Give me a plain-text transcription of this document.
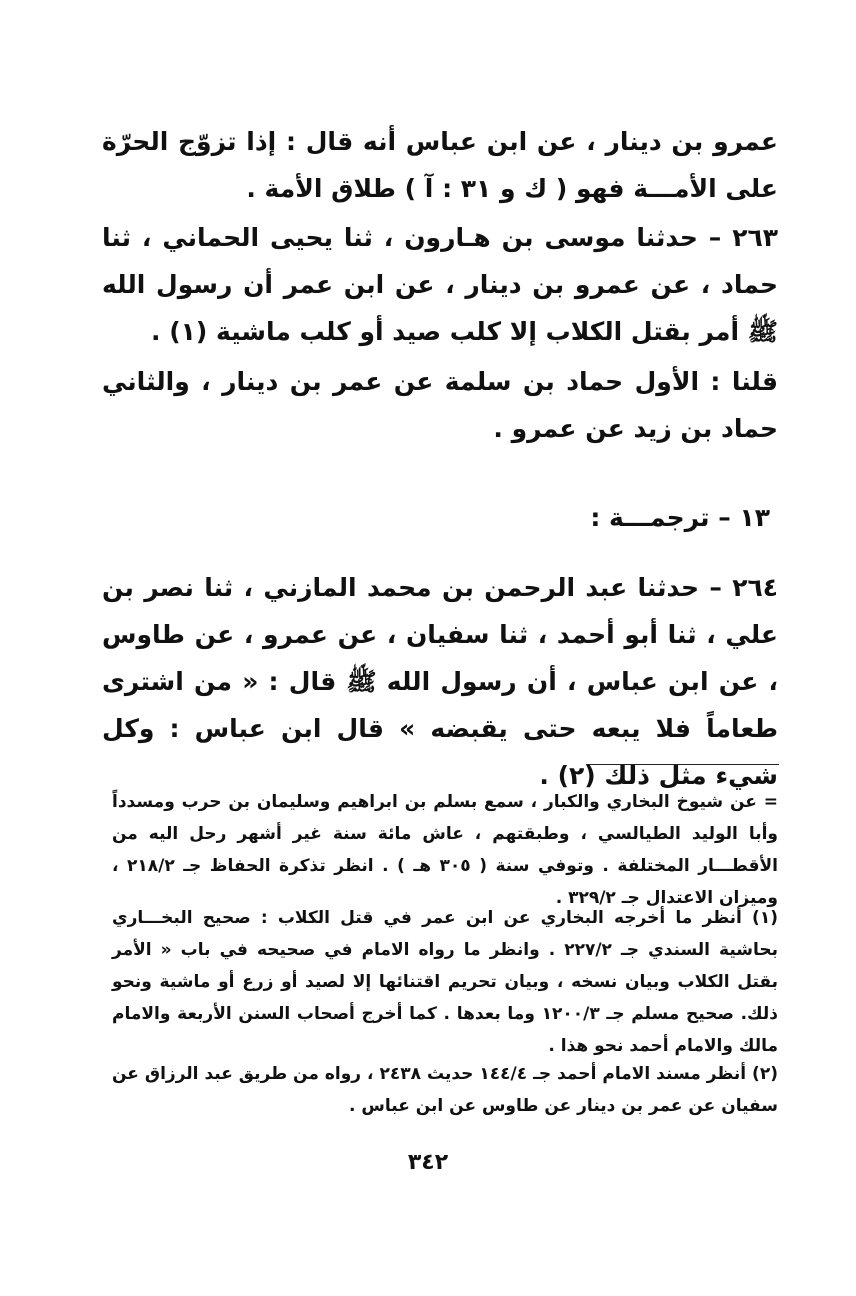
عمرو بن دينار ، عن ابن عباس أنه قال : إذا تزوّج الحرّة على الأمـــة فهو ( ك و ٣١ : آ ) طلاق الأمة .
٢٦٣ – حدثنا موسى بن هـارون ، ثنا يحيى الحماني ، ثنا حماد ، عن عمرو بن دينار ، عن ابن عمر أن رسول الله ﷺ أمر بقتل الكلاب إلا كلب صيد أو كلب ماشية (١) .
قلنا : الأول حماد بن سلمة عن عمر بن دينار ، والثاني حماد بن زيد عن عمرو .
١٣ – ترجمـــة :
٢٦٤ – حدثنا عبد الرحمن بن محمد المازني ، ثنا نصر بن علي ، ثنا أبو أحمد ، ثنا سفيان ، عن عمرو ، عن طاوس ، عن ابن عباس ، أن رسول الله ﷺ قال : « من اشترى طعاماً فلا يبعه حتى يقبضه » قال ابن عباس : وكل شيء مثل ذلك (٢) .
= عن شيوخ البخاري والكبار ، سمع بسلم بن ابراهيم وسليمان بن حرب ومسدداً وأبا الوليد الطيالسي ، وطبقتهم ، عاش مائة سنة غير أشهر رحل اليه من الأقطـــار المختلفة . وتوفي سنة ( ٣٠٥ هـ ) . انظر تذكرة الحفاظ جـ ٢١٨/٢ ، وميزان الاعتدال جـ ٣٢٩/٢ .
(١) أنظر ما أخرجه البخاري عن ابن عمر في قتل الكلاب : صحيح البخـــاري بحاشية السندي جـ ٢٢٧/٢ . وانظر ما رواه الامام في صحيحه في باب « الأمر بقتل الكلاب وبيان نسخه ، وبيان تحريم اقتنائها إلا لصيد أو زرع أو ماشية ونحو ذلك. صحيح مسلم جـ ١٢٠٠/٣ وما بعدها . كما أخرج أصحاب السنن الأربعة والامام مالك والامام أحمد نحو هذا .
(٢) أنظر مسند الامام أحمد جـ ١٤٤/٤ حديث ٢٤٣٨ ، رواه من طريق عبد الرزاق عن سفيان عن عمر بن دينار عن طاوس عن ابن عباس .
٣٤٢
